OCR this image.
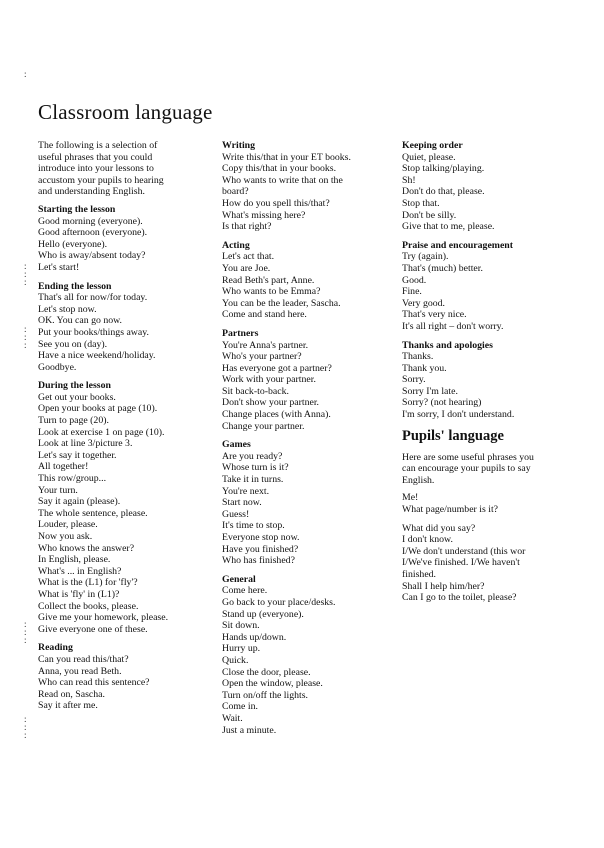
Classroom language
:
:
:
:
:
:
:
:
:
:
:
:
:
The following is a selection of
useful phrases that you could
introduce into your lessons to
accustom your pupils to hearing
and understanding English.
Starting the lesson
Good morning (everyone).
Good afternoon (everyone).
Hello (everyone).
Who is away/absent today?
Let's start!
Ending the lesson
That's all for now/for today.
Let's stop now.
OK. You can go now.
Put your books/things away.
See you on (day).
Have a nice weekend/holiday.
Goodbye.
During the lesson
Get out your books.
Open your books at page (10).
Turn to page (20).
Look at exercise 1 on page (10).
Look at line 3/picture 3.
Let's say it together.
All together!
This row/group...
Your turn.
Say it again (please).
The whole sentence, please.
Louder, please.
Now you ask.
Who knows the answer?
In English, please.
What's ... in English?
What is the (L1) for 'fly'?
What is 'fly' in (L1)?
Collect the books, please.
Give me your homework, please.
Give everyone one of these.
Reading
Can you read this/that?
Anna, you read Beth.
Who can read this sentence?
Read on, Sascha.
Say it after me.
Writing
Write this/that in your ET books.
Copy this/that in your books.
Who wants to write that on the
board?
How do you spell this/that?
What's missing here?
Is that right?
Acting
Let's act that.
You are Joe.
Read Beth's part, Anne.
Who wants to be Emma?
You can be the leader, Sascha.
Come and stand here.
Partners
You're Anna's partner.
Who's your partner?
Has everyone got a partner?
Work with your partner.
Sit back-to-back.
Don't show your partner.
Change places (with Anna).
Change your partner.
Games
Are you ready?
Whose turn is it?
Take it in turns.
You're next.
Start now.
Guess!
It's time to stop.
Everyone stop now.
Have you finished?
Who has finished?
General
Come here.
Go back to your place/desks.
Stand up (everyone).
Sit down.
Hands up/down.
Hurry up.
Quick.
Close the door, please.
Open the window, please.
Turn on/off the lights.
Come in.
Wait.
Just a minute.
Keeping order
Quiet, please.
Stop talking/playing.
Sh!
Don't do that, please.
Stop that.
Don't be silly.
Give that to me, please.
Praise and encouragement
Try (again).
That's (much) better.
Good.
Fine.
Very good.
That's very nice.
It's all right – don't worry.
Thanks and apologies
Thanks.
Thank you.
Sorry.
Sorry I'm late.
Sorry? (not hearing)
I'm sorry, I don't understand.
Pupils' language
Here are some useful phrases you
can encourage your pupils to say
English.
Me!
What page/number is it?
What did you say?
I don't know.
I/We don't understand (this wor
I/We've finished. I/We haven't
finished.
Shall I help him/her?
Can I go to the toilet, please?
